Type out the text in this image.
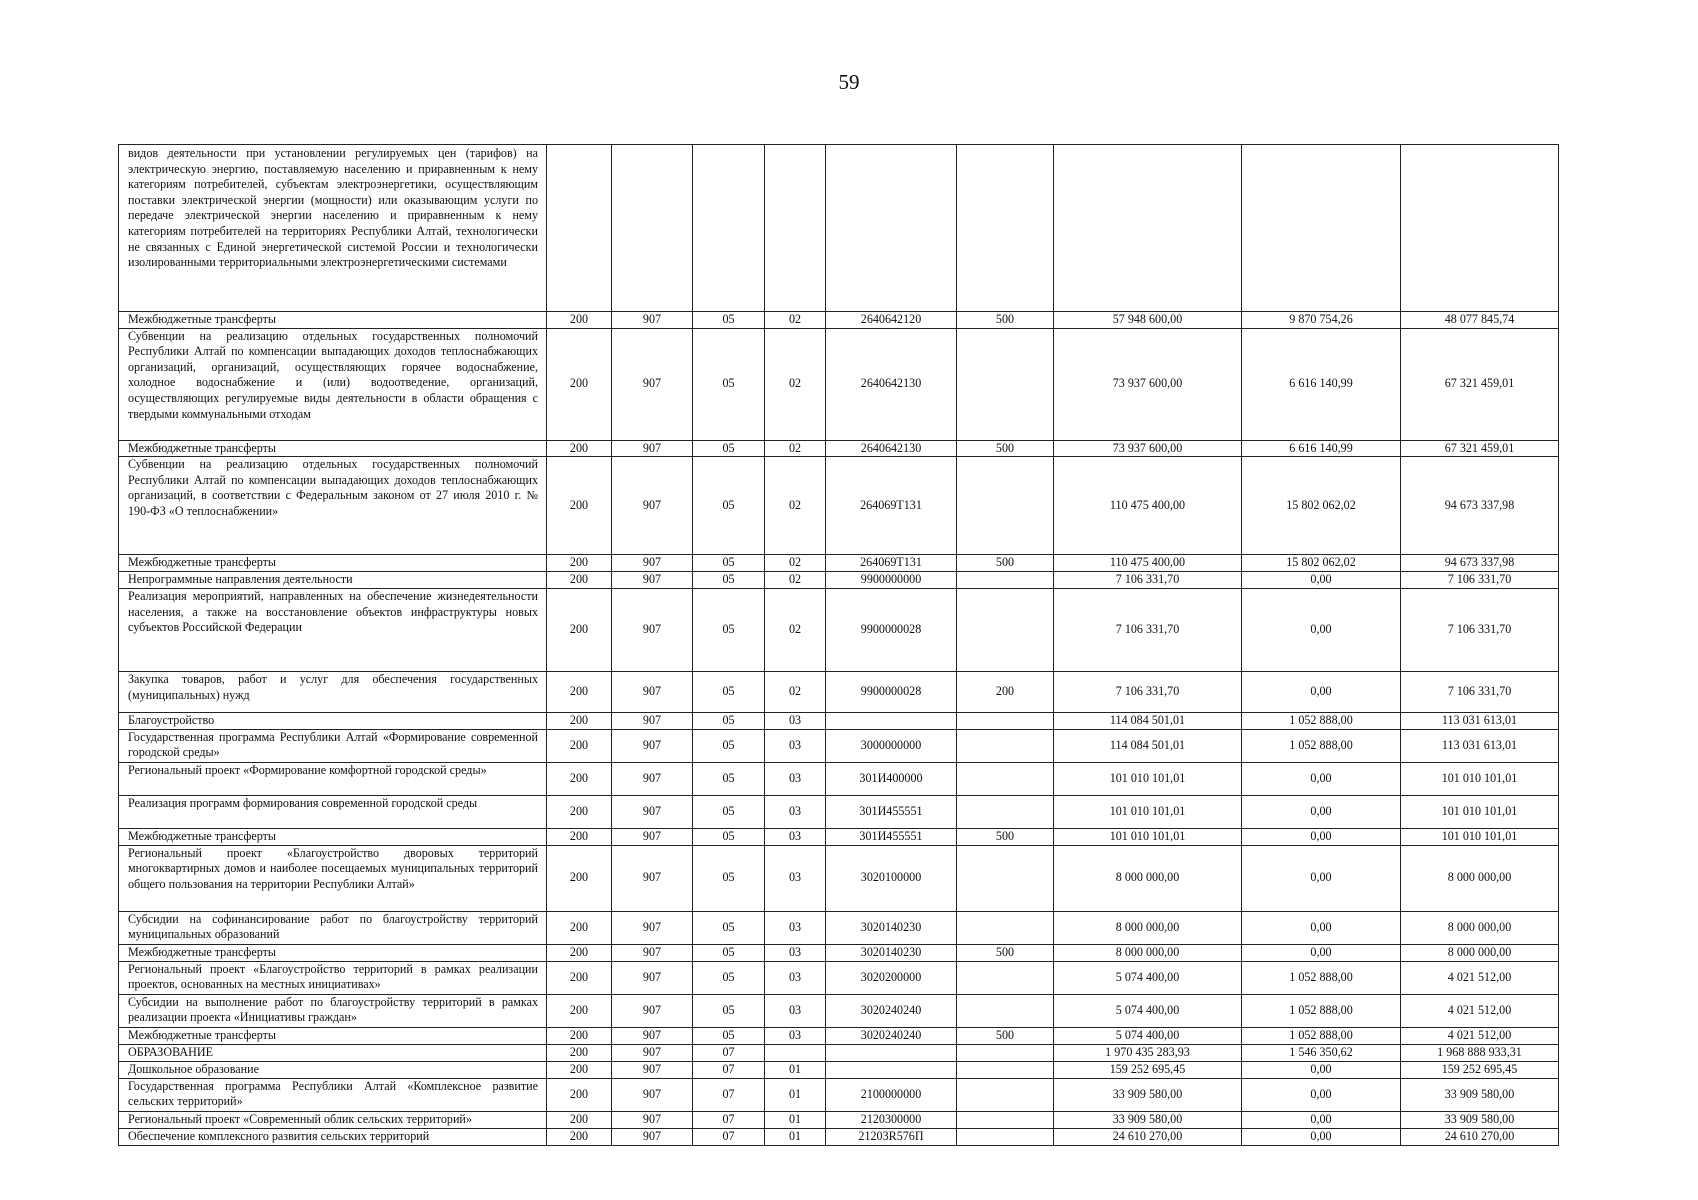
59
видов деятельности при установлении регулируемых цен (тарифов) на электрическую энергию, поставляемую населению и приравненным к нему категориям потребителей, субъектам электроэнергетики, осуществляющим поставки электрической энергии (мощности) или оказывающим услуги по передаче электрической энергии населению и приравненным к нему категориям потребителей на территориях Республики Алтай, технологически не связанных с Единой энергетической системой России и технологически изолированными территориальными электроэнергетическими системами									
Межбюджетные трансферты	200	907	05	02	2640642120	500	57 948 600,00	9 870 754,26	48 077 845,74
Субвенции на реализацию отдельных государственных полномочий Республики Алтай по компенсации выпадающих доходов теплоснабжающих организаций, организаций, осуществляющих горячее водоснабжение, холодное водоснабжение и (или) водоотведение, организаций, осуществляющих регулируемые виды деятельности в области обращения с твердыми коммунальными отходам	200	907	05	02	2640642130		73 937 600,00	6 616 140,99	67 321 459,01
Межбюджетные трансферты	200	907	05	02	2640642130	500	73 937 600,00	6 616 140,99	67 321 459,01
Субвенции на реализацию отдельных государственных полномочий Республики Алтай по компенсации выпадающих доходов теплоснабжающих организаций, в соответствии с Федеральным законом от 27 июля 2010 г. № 190-ФЗ «О теплоснабжении»	200	907	05	02	264069Т131		110 475 400,00	15 802 062,02	94 673 337,98
Межбюджетные трансферты	200	907	05	02	264069Т131	500	110 475 400,00	15 802 062,02	94 673 337,98
Непрограммные направления деятельности	200	907	05	02	9900000000		7 106 331,70	0,00	7 106 331,70
Реализация мероприятий, направленных на обеспечение жизнедеятельности населения, а также на восстановление объектов инфраструктуры новых субъектов Российской Федерации	200	907	05	02	9900000028		7 106 331,70	0,00	7 106 331,70
Закупка товаров, работ и услуг для обеспечения государственных (муниципальных) нужд	200	907	05	02	9900000028	200	7 106 331,70	0,00	7 106 331,70
Благоустройство	200	907	05	03			114 084 501,01	1 052 888,00	113 031 613,01
Государственная программа Республики Алтай «Формирование современной городской среды»	200	907	05	03	3000000000		114 084 501,01	1 052 888,00	113 031 613,01
Региональный проект «Формирование комфортной городской среды»	200	907	05	03	301И400000		101 010 101,01	0,00	101 010 101,01
Реализация программ формирования современной городской среды	200	907	05	03	301И455551		101 010 101,01	0,00	101 010 101,01
Межбюджетные трансферты	200	907	05	03	301И455551	500	101 010 101,01	0,00	101 010 101,01
Региональный проект «Благоустройство дворовых территорий многоквартирных домов и наиболее посещаемых муниципальных территорий общего пользования на территории Республики Алтай»	200	907	05	03	3020100000		8 000 000,00	0,00	8 000 000,00
Субсидии на софинансирование работ по благоустройству территорий муниципальных образований	200	907	05	03	3020140230		8 000 000,00	0,00	8 000 000,00
Межбюджетные трансферты	200	907	05	03	3020140230	500	8 000 000,00	0,00	8 000 000,00
Региональный проект «Благоустройство территорий в рамках реализации проектов, основанных на местных инициативах»	200	907	05	03	3020200000		5 074 400,00	1 052 888,00	4 021 512,00
Субсидии на выполнение работ по благоустройству территорий в рамках реализации проекта «Инициативы граждан»	200	907	05	03	3020240240		5 074 400,00	1 052 888,00	4 021 512,00
Межбюджетные трансферты	200	907	05	03	3020240240	500	5 074 400,00	1 052 888,00	4 021 512,00
ОБРАЗОВАНИЕ	200	907	07				1 970 435 283,93	1 546 350,62	1 968 888 933,31
Дошкольное образование	200	907	07	01			159 252 695,45	0,00	159 252 695,45
Государственная программа Республики Алтай «Комплексное развитие сельских территорий»	200	907	07	01	2100000000		33 909 580,00	0,00	33 909 580,00
Региональный проект «Современный облик сельских территорий»	200	907	07	01	2120300000		33 909 580,00	0,00	33 909 580,00
Обеспечение комплексного развития сельских территорий	200	907	07	01	21203R576П		24 610 270,00	0,00	24 610 270,00
